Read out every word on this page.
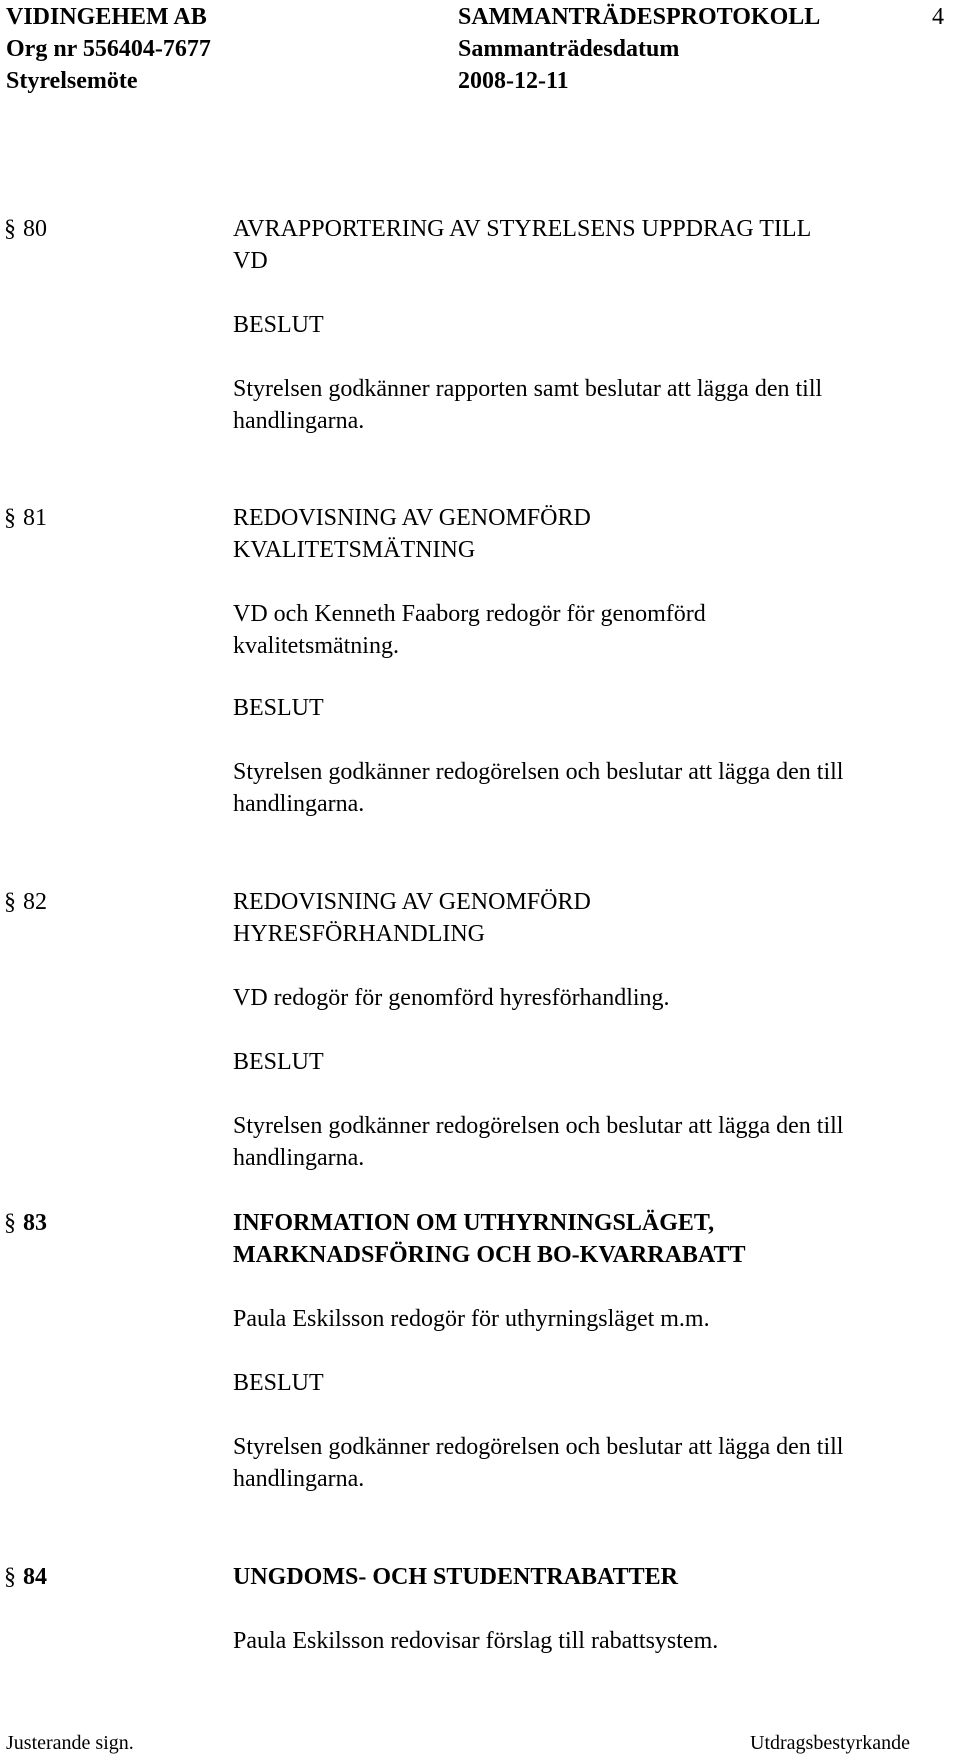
VIDINGEHEM AB	SAMMANTRÄDESPROTOKOLL	4
Org nr 556404-7677	Sammanträdesdatum
Styrelsemöte	2008-12-11
§ 80	AVRAPPORTERING AV STYRELSENS UPPDRAG TILL
VD
BESLUT
Styrelsen godkänner rapporten samt beslutar att lägga den till
handlingarna.
§ 81	REDOVISNING AV GENOMFÖRD
KVALITETSMÄTNING
VD och Kenneth Faaborg redogör för genomförd
kvalitetsmätning.
BESLUT
Styrelsen godkänner redogörelsen och beslutar att lägga den till
handlingarna.
§ 82	REDOVISNING AV GENOMFÖRD
HYRESFÖRHANDLING
VD redogör för genomförd hyresförhandling.
BESLUT
Styrelsen godkänner redogörelsen och beslutar att lägga den till
handlingarna.
§ 83	INFORMATION OM UTHYRNINGSLÄGET,
MARKNADSFÖRING OCH BO-KVARRABATT
Paula Eskilsson redogör för uthyrningsläget m.m.
BESLUT
Styrelsen godkänner redogörelsen och beslutar att lägga den till
handlingarna.
§ 84	UNGDOMS- OCH STUDENTRABATTER
Paula Eskilsson redovisar förslag till rabattsystem.
Justerande sign.	Utdragsbestyrkande
